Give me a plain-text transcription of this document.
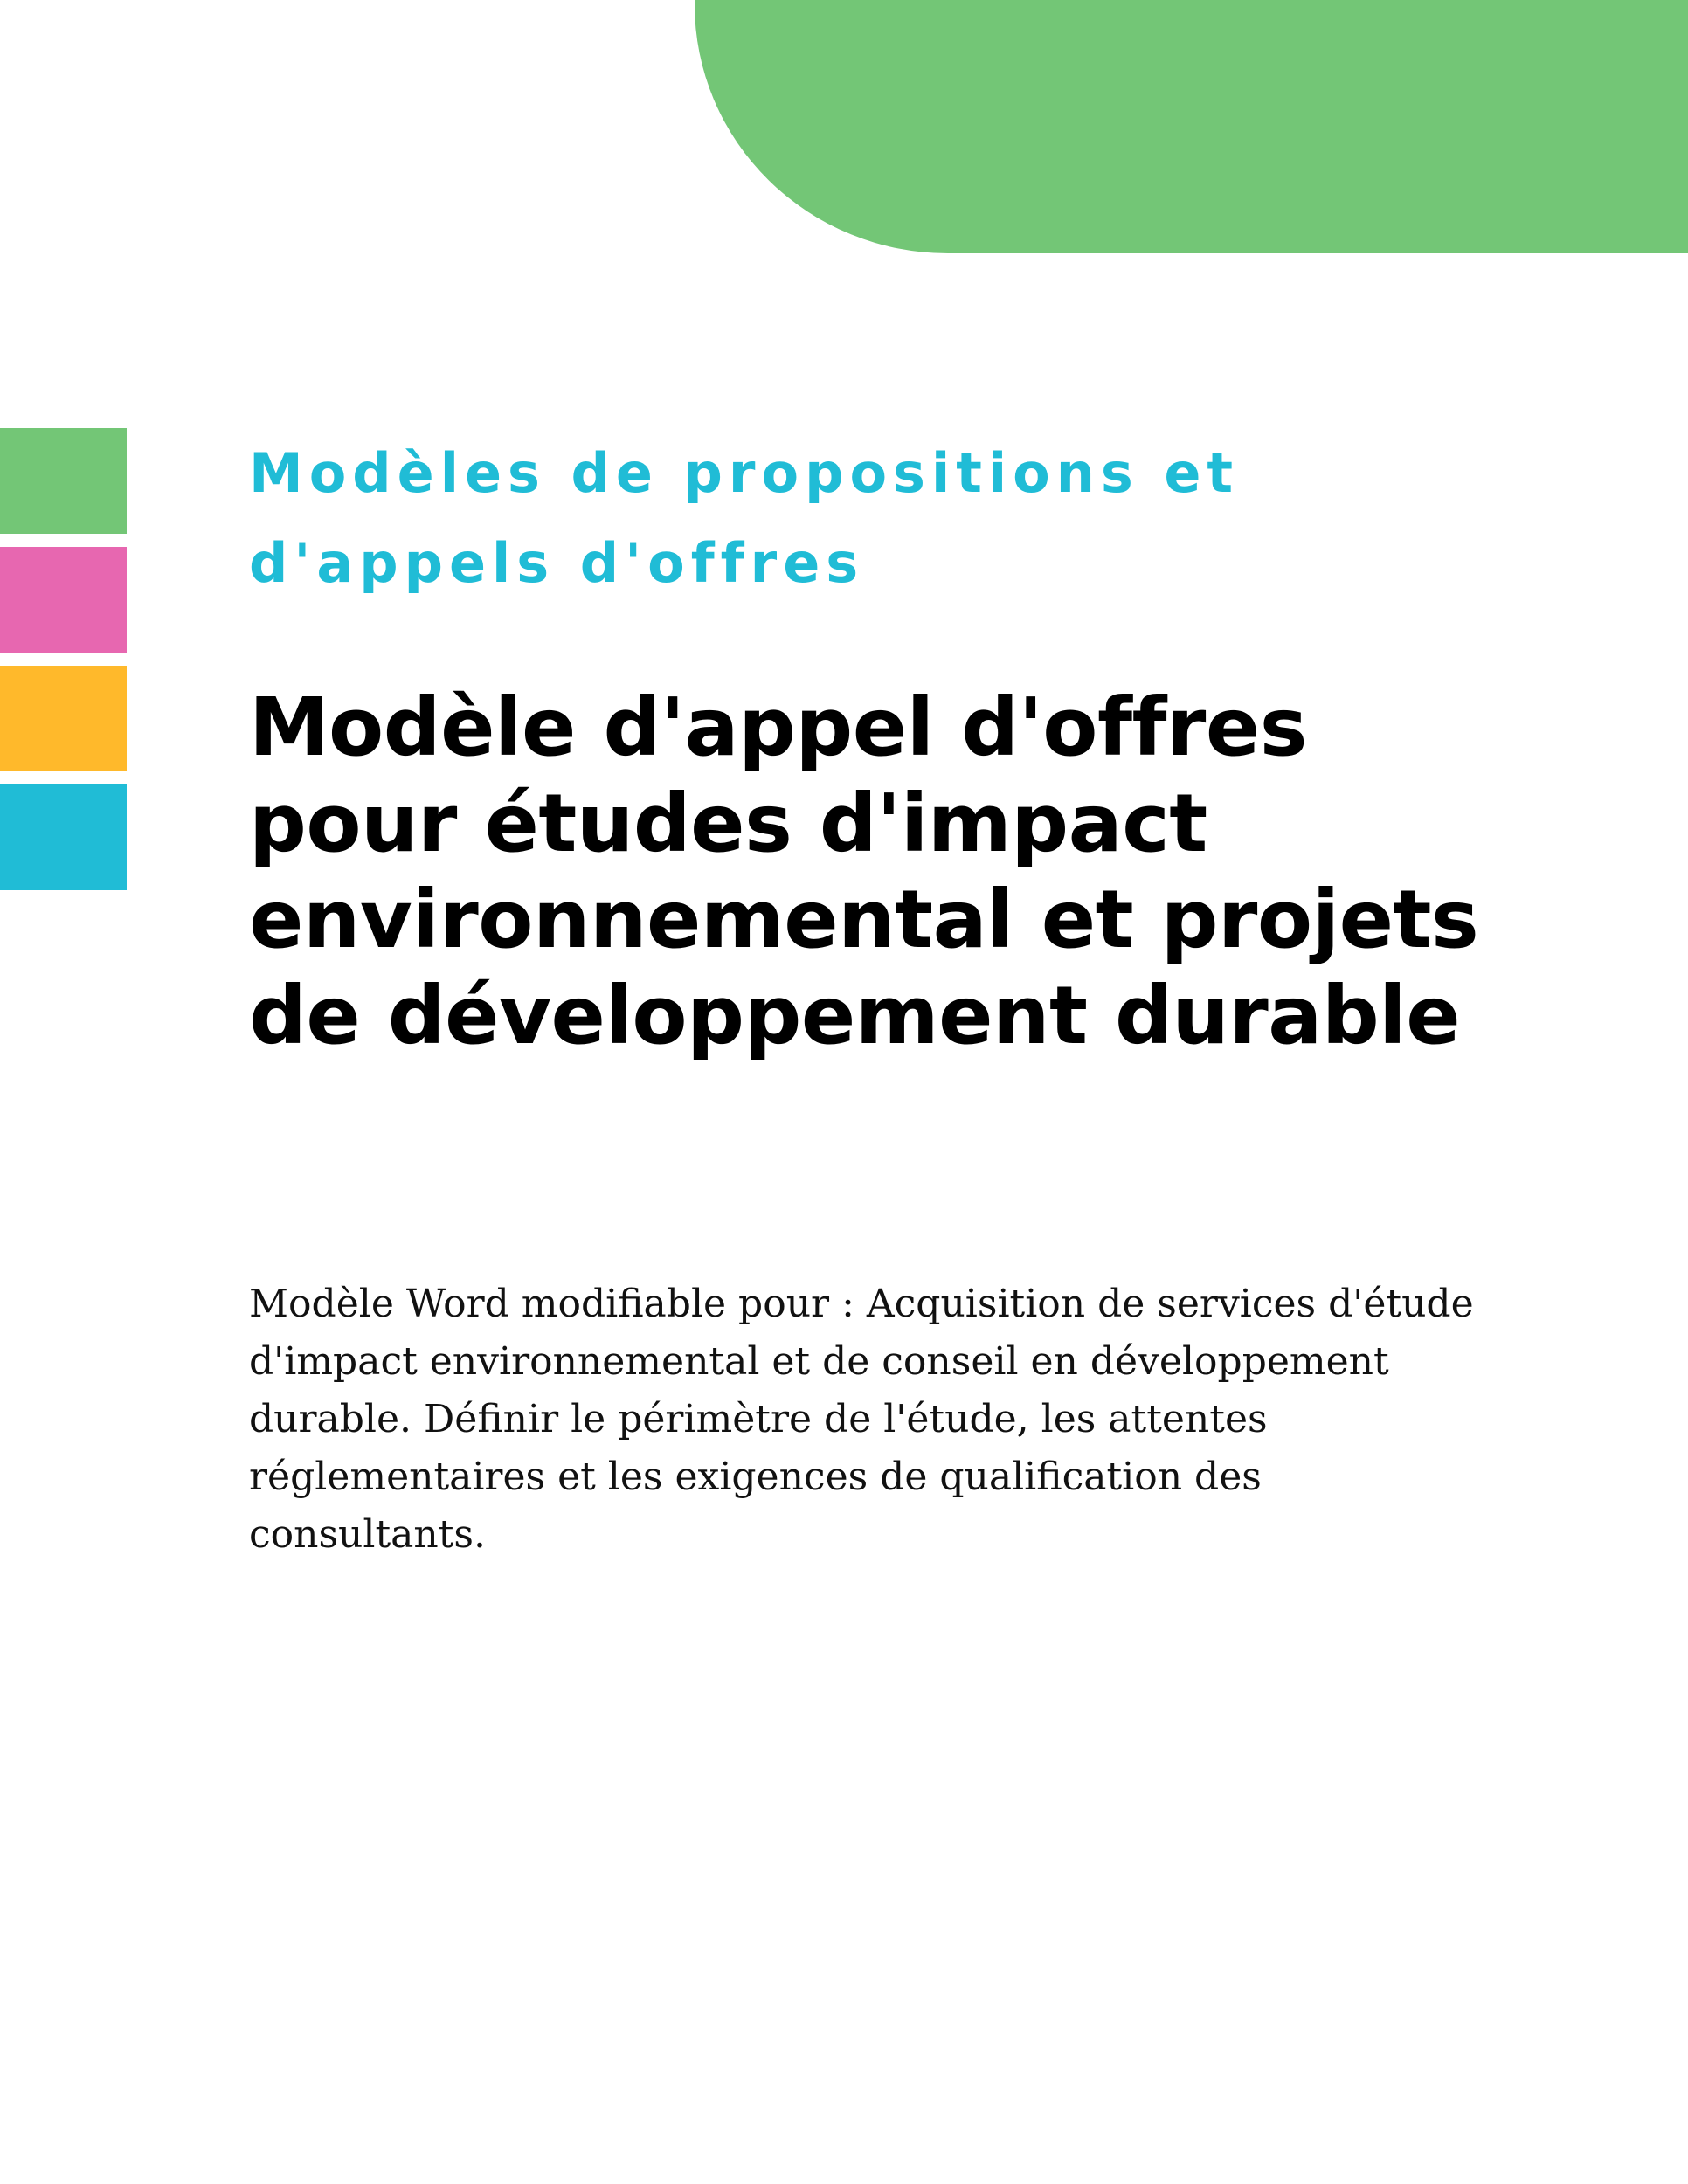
Modèles de propositions et d'appels d'offres

Modèle d'appel d'offres pour études d'impact environnemental et projets de développement durable

Modèle Word modifiable pour : Acquisition de services d'étude d'impact environnemental et de conseil en développement durable. Définir le périmètre de l'étude, les attentes réglementaires et les exigences de qualification des consultants.
